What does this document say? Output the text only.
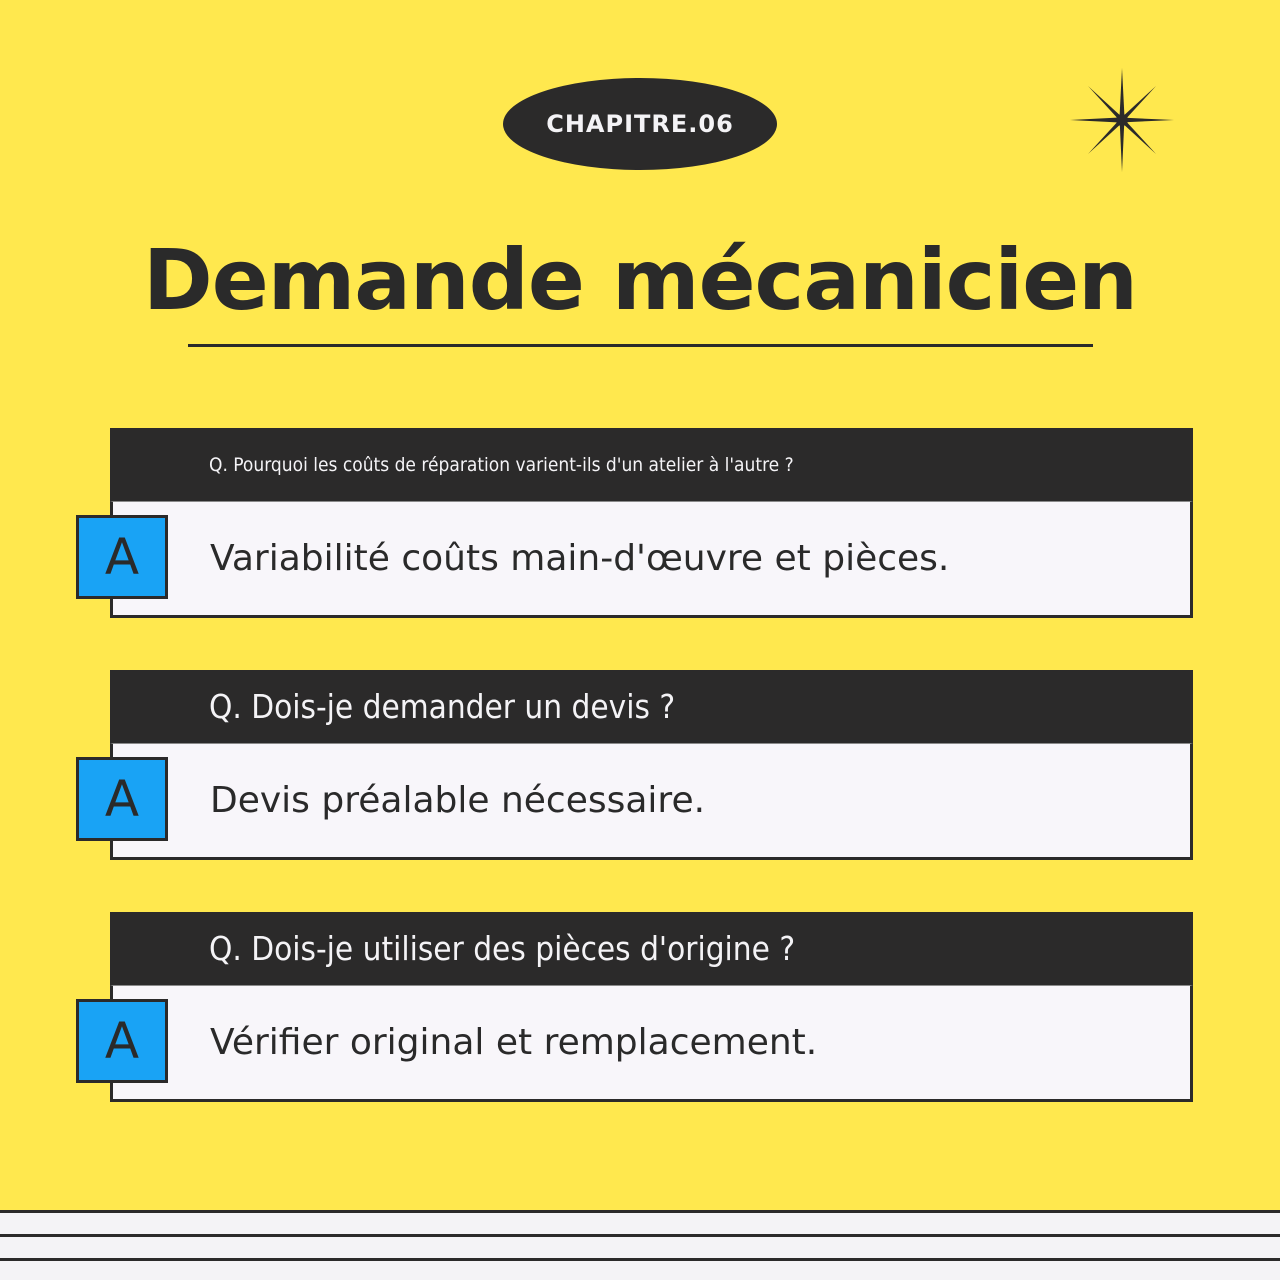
CHAPITRE.06
Demande mécanicien
Q. Pourquoi les coûts de réparation varient-ils d'un atelier à l'autre ?
Variabilité coûts main-d'œuvre et pièces.
A
Q. Dois-je demander un devis ?
Devis préalable nécessaire.
A
Q. Dois-je utiliser des pièces d'origine ?
Vérifier original et remplacement.
A
